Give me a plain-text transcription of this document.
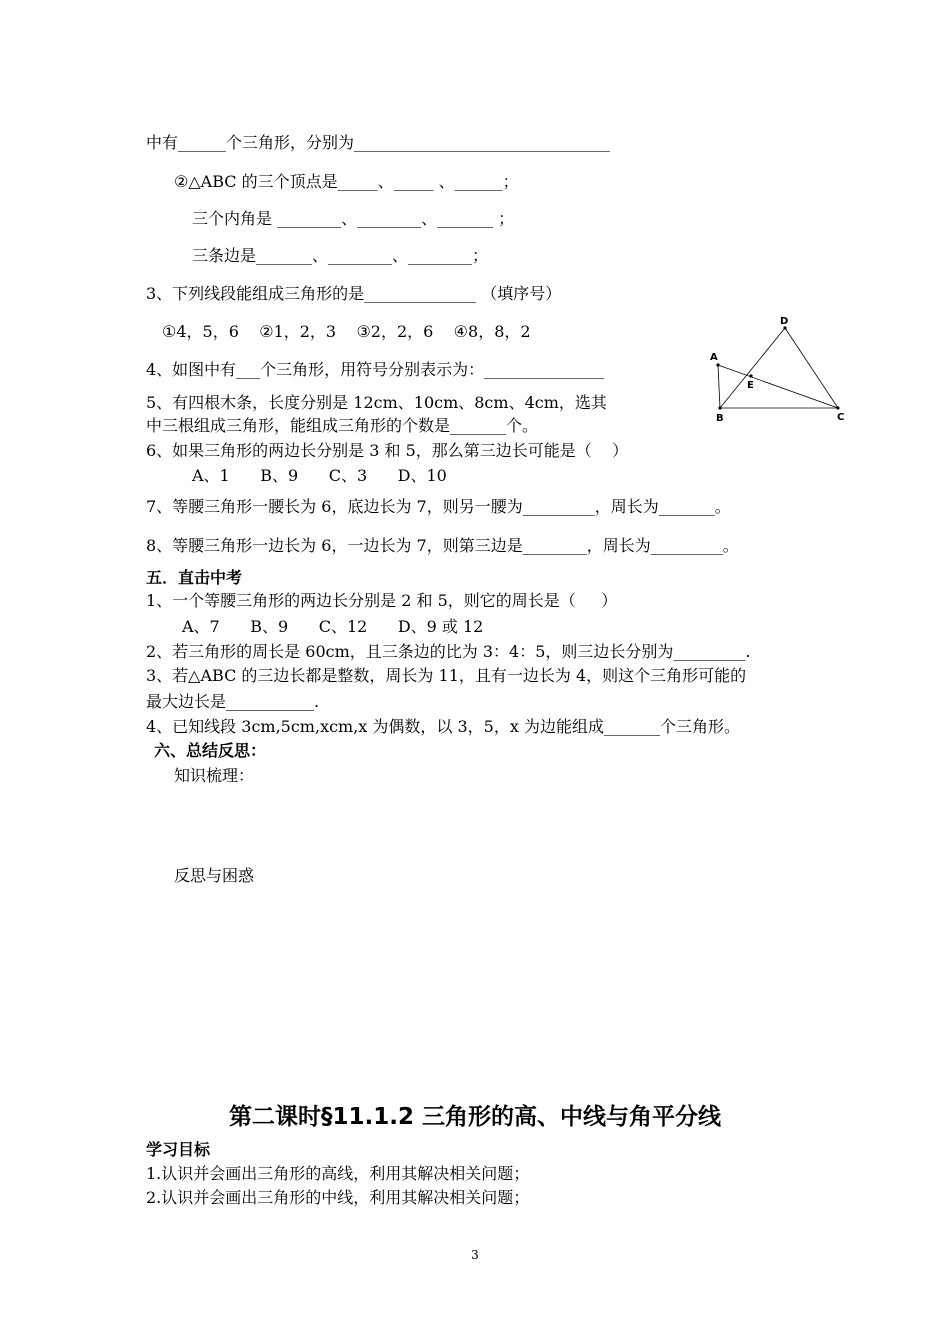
中有______个三角形，分别为________________________________
②△ABC 的三个顶点是_____、_____ 、______；
三个内角是 ________、________、_______ ；
三条边是_______、________、________；
3、下列线段能组成三角形的是______________ （填序号）
①4，5，6    ②1，2，3    ③2，2，6    ④8，8，2
4、如图中有___个三角形，用符号分别表示为：_______________
5、有四根木条，长度分别是 12cm、10cm、8cm、4cm，选其
中三根组成三角形，能组成三角形的个数是_______个。
6、如果三角形的两边长分别是 3 和 5，那么第三边长可能是（    ）
A、1      B、9      C、3      D、10
7、等腰三角形一腰长为 6，底边长为 7，则另一腰为_________，周长为_______。
8、等腰三角形一边长为 6，一边长为 7，则第三边是________，周长为_________。
五．直击中考
1、一个等腰三角形的两边长分别是 2 和 5，则它的周长是（     ）
A、7      B、9      C、12      D、9 或 12
2、若三角形的周长是 60cm，且三条边的比为 3：4：5，则三边长分别为_________.
3、若△ABC 的三边长都是整数，周长为 11，且有一边长为 4，则这个三角形可能的
最大边长是___________.
4、已知线段 3cm,5cm,xcm,x 为偶数，以 3，5，x 为边能组成_______个三角形。
六、总结反思：
知识梳理：
反思与困惑
A
B	C
D
E
第二课时§11.1.2 三角形的高、中线与角平分线
学习目标
1.认识并会画出三角形的高线，利用其解决相关问题；
2.认识并会画出三角形的中线，利用其解决相关问题；
3
